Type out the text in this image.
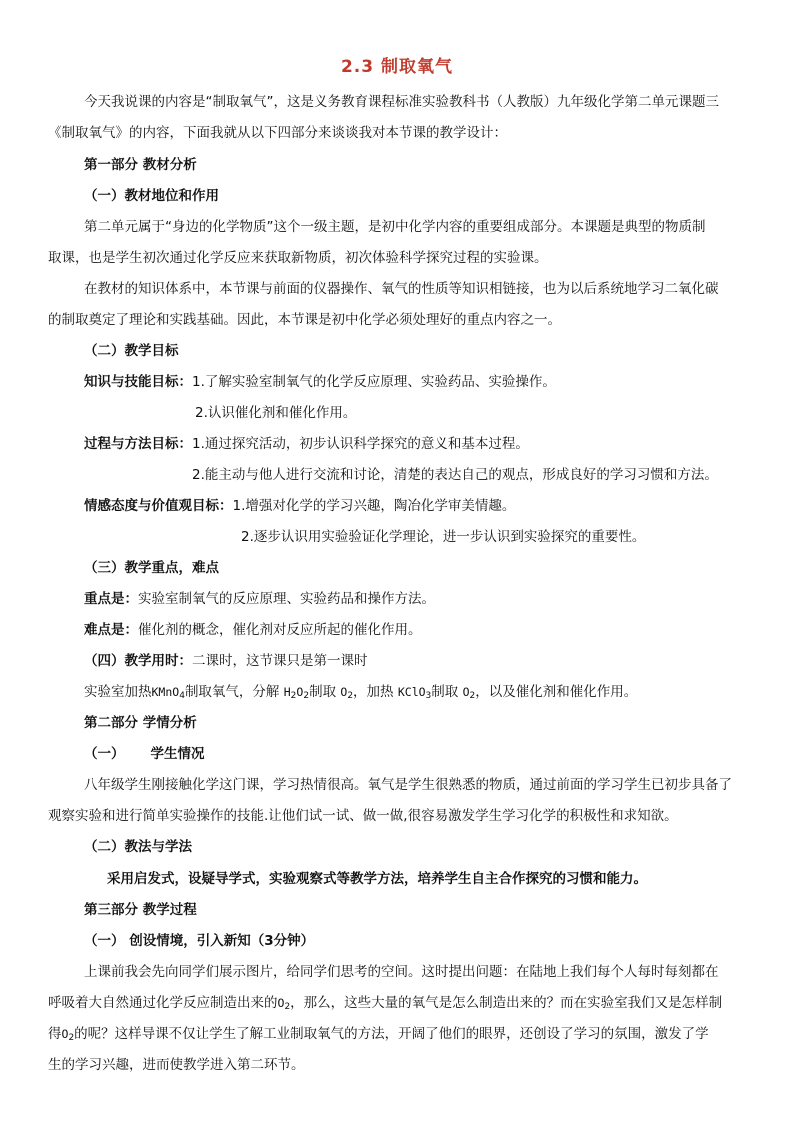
2.3 制取氧气
今天我说课的内容是“制取氧气”，这是义务教育课程标准实验教科书（人教版）九年级化学第二单元课题三
《制取氧气》的内容，下面我就从以下四部分来谈谈我对本节课的教学设计：
第一部分 教材分析
（一）教材地位和作用
第二单元属于“身边的化学物质”这个一级主题，是初中化学内容的重要组成部分。本课题是典型的物质制
取课，也是学生初次通过化学反应来获取新物质，初次体验科学探究过程的实验课。
在教材的知识体系中，本节课与前面的仪器操作、氧气的性质等知识相链接，也为以后系统地学习二氧化碳
的制取奠定了理论和实践基础。因此，本节课是初中化学必须处理好的重点内容之一。
（二）教学目标
知识与技能目标：1.了解实验室制氧气的化学反应原理、实验药品、实验操作。
2.认识催化剂和催化作用。
过程与方法目标：1.通过探究活动，初步认识科学探究的意义和基本过程。
2.能主动与他人进行交流和讨论，清楚的表达自己的观点，形成良好的学习习惯和方法。
情感态度与价值观目标：1.增强对化学的学习兴趣，陶冶化学审美情趣。
2.逐步认识用实验验证化学理论，进一步认识到实验探究的重要性。
（三）教学重点，难点
重点是：实验室制氧气的反应原理、实验药品和操作方法。
难点是：催化剂的概念，催化剂对反应所起的催化作用。
（四）教学用时：二课时，这节课只是第一课时
实验室加热KMnO$_4$制取氧气，分解 $H_2O_2$制取 $O_2$，加热 KClO$_3$制取 $O_2$，以及催化剂和催化作用。
第二部分 学情分析
（一） 学生情况
八年级学生刚接触化学这门课，学习热情很高。氧气是学生很熟悉的物质，通过前面的学习学生已初步具备了
观察实验和进行简单实验操作的技能.让他们试一试、做一做,很容易激发学生学习化学的积极性和求知欲。
（二）教法与学法
采用启发式，设疑导学式，实验观察式等教学方法，培养学生自主合作探究的习惯和能力。
第三部分 教学过程
（一） 创设情境，引入新知（3分钟）
上课前我会先向同学们展示图片，给同学们思考的空间。这时提出问题：在陆地上我们每个人每时每刻都在
呼吸着大自然通过化学反应制造出来的$O_2$，那么，这些大量的氧气是怎么制造出来的？而在实验室我们又是怎样制
得$O_2$的呢？这样导课不仅让学生了解工业制取氧气的方法，开阔了他们的眼界，还创设了学习的氛围，激发了学
生的学习兴趣，进而使教学进入第二环节。
